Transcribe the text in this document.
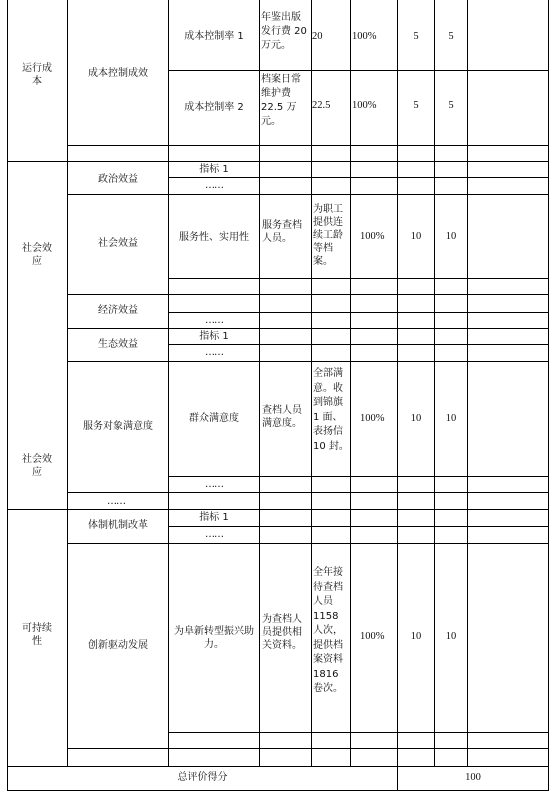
运行成本
社会效应
社会效应
可持续性
成本控制成效
政治效益
社会效益
经济效益
生态效益
服务对象满意度
……
体制机制改革
创新驱动发展
成本控制率 1
成本控制率 2
指标 1
……
服务性、实用性
……
指标 1
……
群众满意度
……
指标 1
……
为阜新转型振兴助力。
年鉴出版发行费 20 万元。
档案日常维护费 22.5 万元。
服务查档人员。
查档人员满意度。
为查档人员提供相关资料。
20
22.5
为职工提供连续工龄等档案。
全部满意。收到锦旗 1 面、表扬信 10 封。
全年接待查档人员 1158 人次，提供档案资料 1816 卷次。
100%
100%
100%
100%
100%
5
5
10
10
10
5
5
10
10
10
总评价得分	100
